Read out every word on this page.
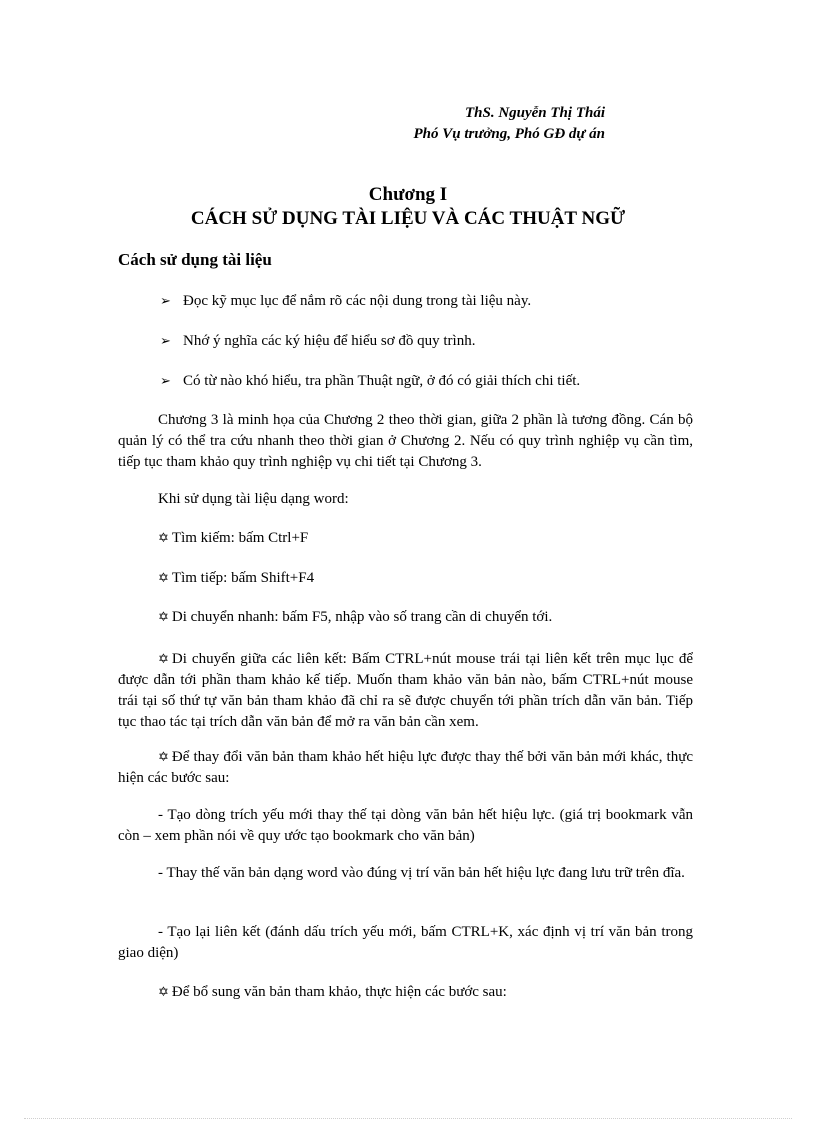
ThS. Nguyễn Thị Thái
Phó Vụ trưởng, Phó GĐ dự án
Chương I
CÁCH SỬ DỤNG TÀI LIỆU VÀ CÁC THUẬT NGỮ
Cách sử dụng tài liệu
➢ Đọc kỹ mục lục để nắm rõ các nội dung trong tài liệu này.
➢ Nhớ ý nghĩa các ký hiệu để hiểu sơ đồ quy trình.
➢ Có từ nào khó hiểu, tra phần Thuật ngữ, ở đó có giải thích chi tiết.
Chương 3 là minh họa của Chương 2 theo thời gian, giữa 2 phần là tương đồng. Cán bộ quản lý có thể tra cứu nhanh theo thời gian ở Chương 2. Nếu có quy trình nghiệp vụ cần tìm, tiếp tục tham khảo quy trình nghiệp vụ chi tiết tại Chương 3.
Khi sử dụng tài liệu dạng word:
✡ Tìm kiếm: bấm Ctrl+F
✡ Tìm tiếp: bấm Shift+F4
✡ Di chuyển nhanh: bấm F5, nhập vào số trang cần di chuyển tới.
✡ Di chuyển giữa các liên kết: Bấm CTRL+nút mouse trái tại liên kết trên mục lục để được dẫn tới phần tham khảo kế tiếp. Muốn tham khảo văn bản nào, bấm CTRL+nút mouse trái tại số thứ tự văn bản tham khảo đã chỉ ra sẽ được chuyển tới phần trích dẫn văn bản. Tiếp tục thao tác tại trích dẫn văn bản để mở ra văn bản cần xem.
✡ Để thay đổi văn bản tham khảo hết hiệu lực được thay thế bởi văn bản mới khác, thực hiện các bước sau:
- Tạo dòng trích yếu mới thay thế tại dòng văn bản hết hiệu lực. (giá trị bookmark vẫn còn – xem phần nói về quy ước tạo bookmark cho văn bản)
- Thay thế văn bản dạng word vào đúng vị trí văn bản hết hiệu lực đang lưu trữ trên đĩa.
- Tạo lại liên kết (đánh dấu trích yếu mới, bấm CTRL+K, xác định vị trí văn bản trong giao diện)
✡ Để bổ sung văn bản tham khảo, thực hiện các bước sau:
